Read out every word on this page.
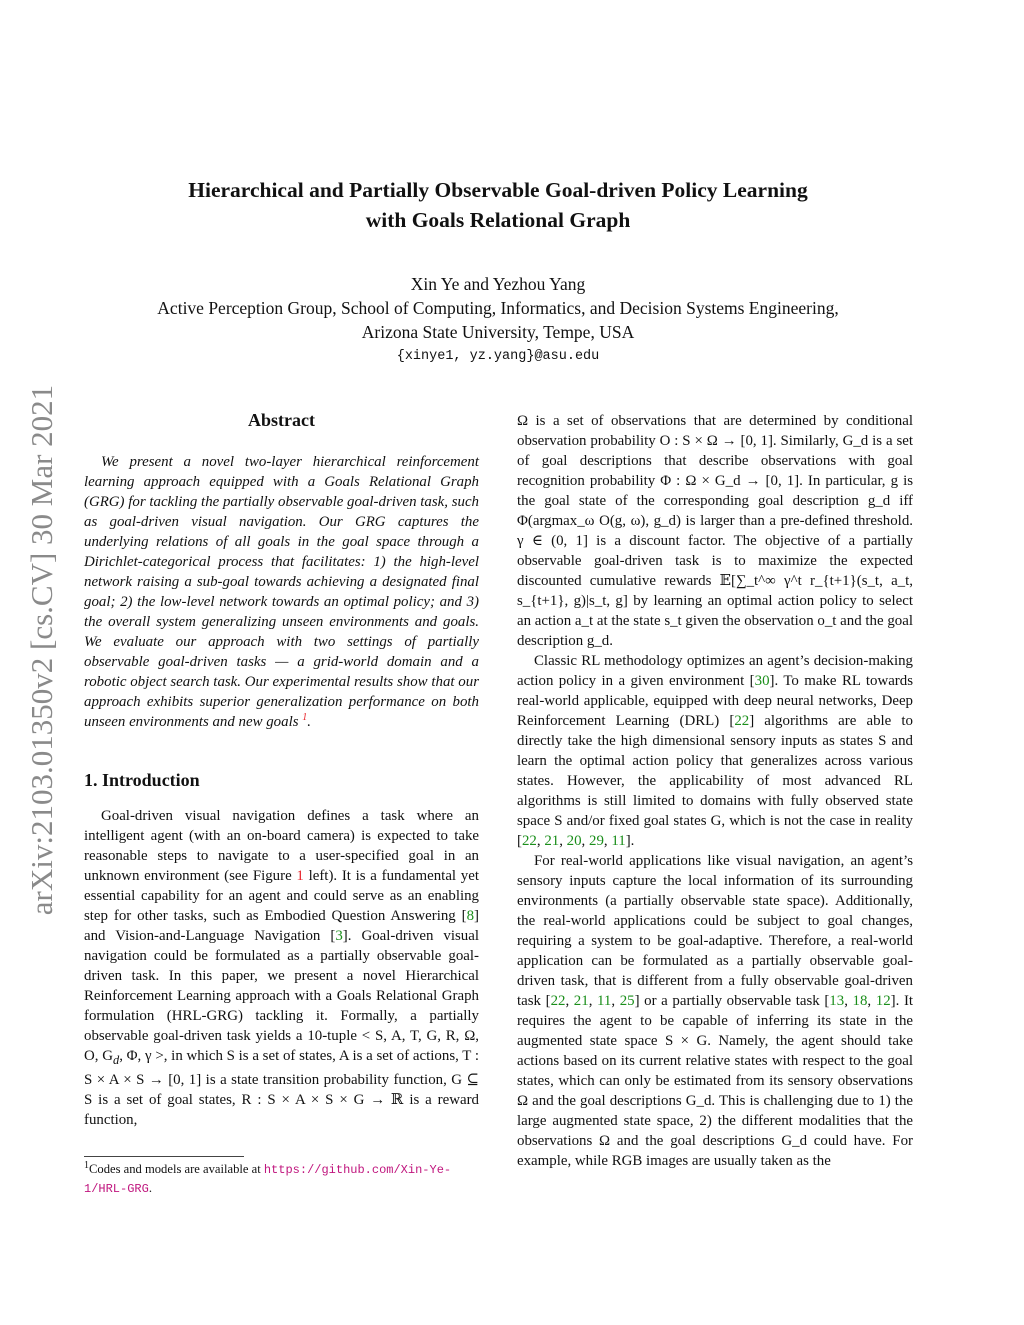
arXiv:2103.01350v2 [cs.CV] 30 Mar 2021
Hierarchical and Partially Observable Goal-driven Policy Learning
with Goals Relational Graph
Xin Ye and Yezhou Yang
Active Perception Group, School of Computing, Informatics, and Decision Systems Engineering,
Arizona State University, Tempe, USA
{xinye1, yz.yang}@asu.edu
Abstract

We present a novel two-layer hierarchical reinforcement learning approach equipped with a Goals Relational Graph (GRG) for tackling the partially observable goal-driven task, such as goal-driven visual navigation. Our GRG captures the underlying relations of all goals in the goal space through a Dirichlet-categorical process that facilitates: 1) the high-level network raising a sub-goal towards achieving a designated final goal; 2) the low-level network towards an optimal policy; and 3) the overall system generalizing unseen environments and goals. We evaluate our approach with two settings of partially observable goal-driven tasks — a grid-world domain and a robotic object search task. Our experimental results show that our approach exhibits superior generalization performance on both unseen environments and new goals $^1$.

1. Introduction

Goal-driven visual navigation defines a task where an intelligent agent (with an on-board camera) is expected to take reasonable steps to navigate to a user-specified goal in an unknown environment (see Figure 1 left). It is a fundamental yet essential capability for an agent and could serve as an enabling step for other tasks, such as Embodied Question Answering [8] and Vision-and-Language Navigation [3]. Goal-driven visual navigation could be formulated as a partially observable goal-driven task. In this paper, we present a novel Hierarchical Reinforcement Learning approach with a Goals Relational Graph formulation (HRL-GRG) tackling it. Formally, a partially observable goal-driven task yields a 10-tuple < S, A, T, G, R, Ω, O, $G_d$, Φ, γ >, in which S is a set of states, A is a set of actions, T : S × A × S → [0, 1] is a state transition probability function, G ⊆ S is a set of goal states, R : S × A × S × G → ℝ is a reward function,

$^1$Codes and models are available at https://github.com/Xin-Ye-1/HRL-GRG.

Ω is a set of observations that are determined by conditional observation probability O : S × Ω → [0, 1]. Similarly, G_d is a set of goal descriptions that describe observations with goal recognition probability Φ : Ω × G_d → [0, 1]. In particular, g is the goal state of the corresponding goal description g_d iff Φ(argmax_ω O(g, ω), g_d) is larger than a pre-defined threshold. γ ∈ (0, 1] is a discount factor. The objective of a partially observable goal-driven task is to maximize the expected discounted cumulative rewards 𝔼[∑_t^∞ γ^t r_{t+1}(s_t, a_t, s_{t+1}, g)|s_t, g] by learning an optimal action policy to select an action a_t at the state s_t given the observation o_t and the goal description g_d.

Classic RL methodology optimizes an agent’s decision-making action policy in a given environment [30]. To make RL towards real-world applicable, equipped with deep neural networks, Deep Reinforcement Learning (DRL) [22] algorithms are able to directly take the high dimensional sensory inputs as states S and learn the optimal action policy that generalizes across various states. However, the applicability of most advanced RL algorithms is still limited to domains with fully observed state space S and/or fixed goal states G, which is not the case in reality [22, 21, 20, 29, 11].

For real-world applications like visual navigation, an agent’s sensory inputs capture the local information of its surrounding environments (a partially observable state space). Additionally, the real-world applications could be subject to goal changes, requiring a system to be goal-adaptive. Therefore, a real-world application can be formulated as a partially observable goal-driven task, that is different from a fully observable goal-driven task [22, 21, 11, 25] or a partially observable task [13, 18, 12]. It requires the agent to be capable of inferring its state in the augmented state space S × G. Namely, the agent should take actions based on its current relative states with respect to the goal states, which can only be estimated from its sensory observations Ω and the goal descriptions G_d. This is challenging due to 1) the large augmented state space, 2) the different modalities that the observations Ω and the goal descriptions G_d could have. For example, while RGB images are usually taken as the
